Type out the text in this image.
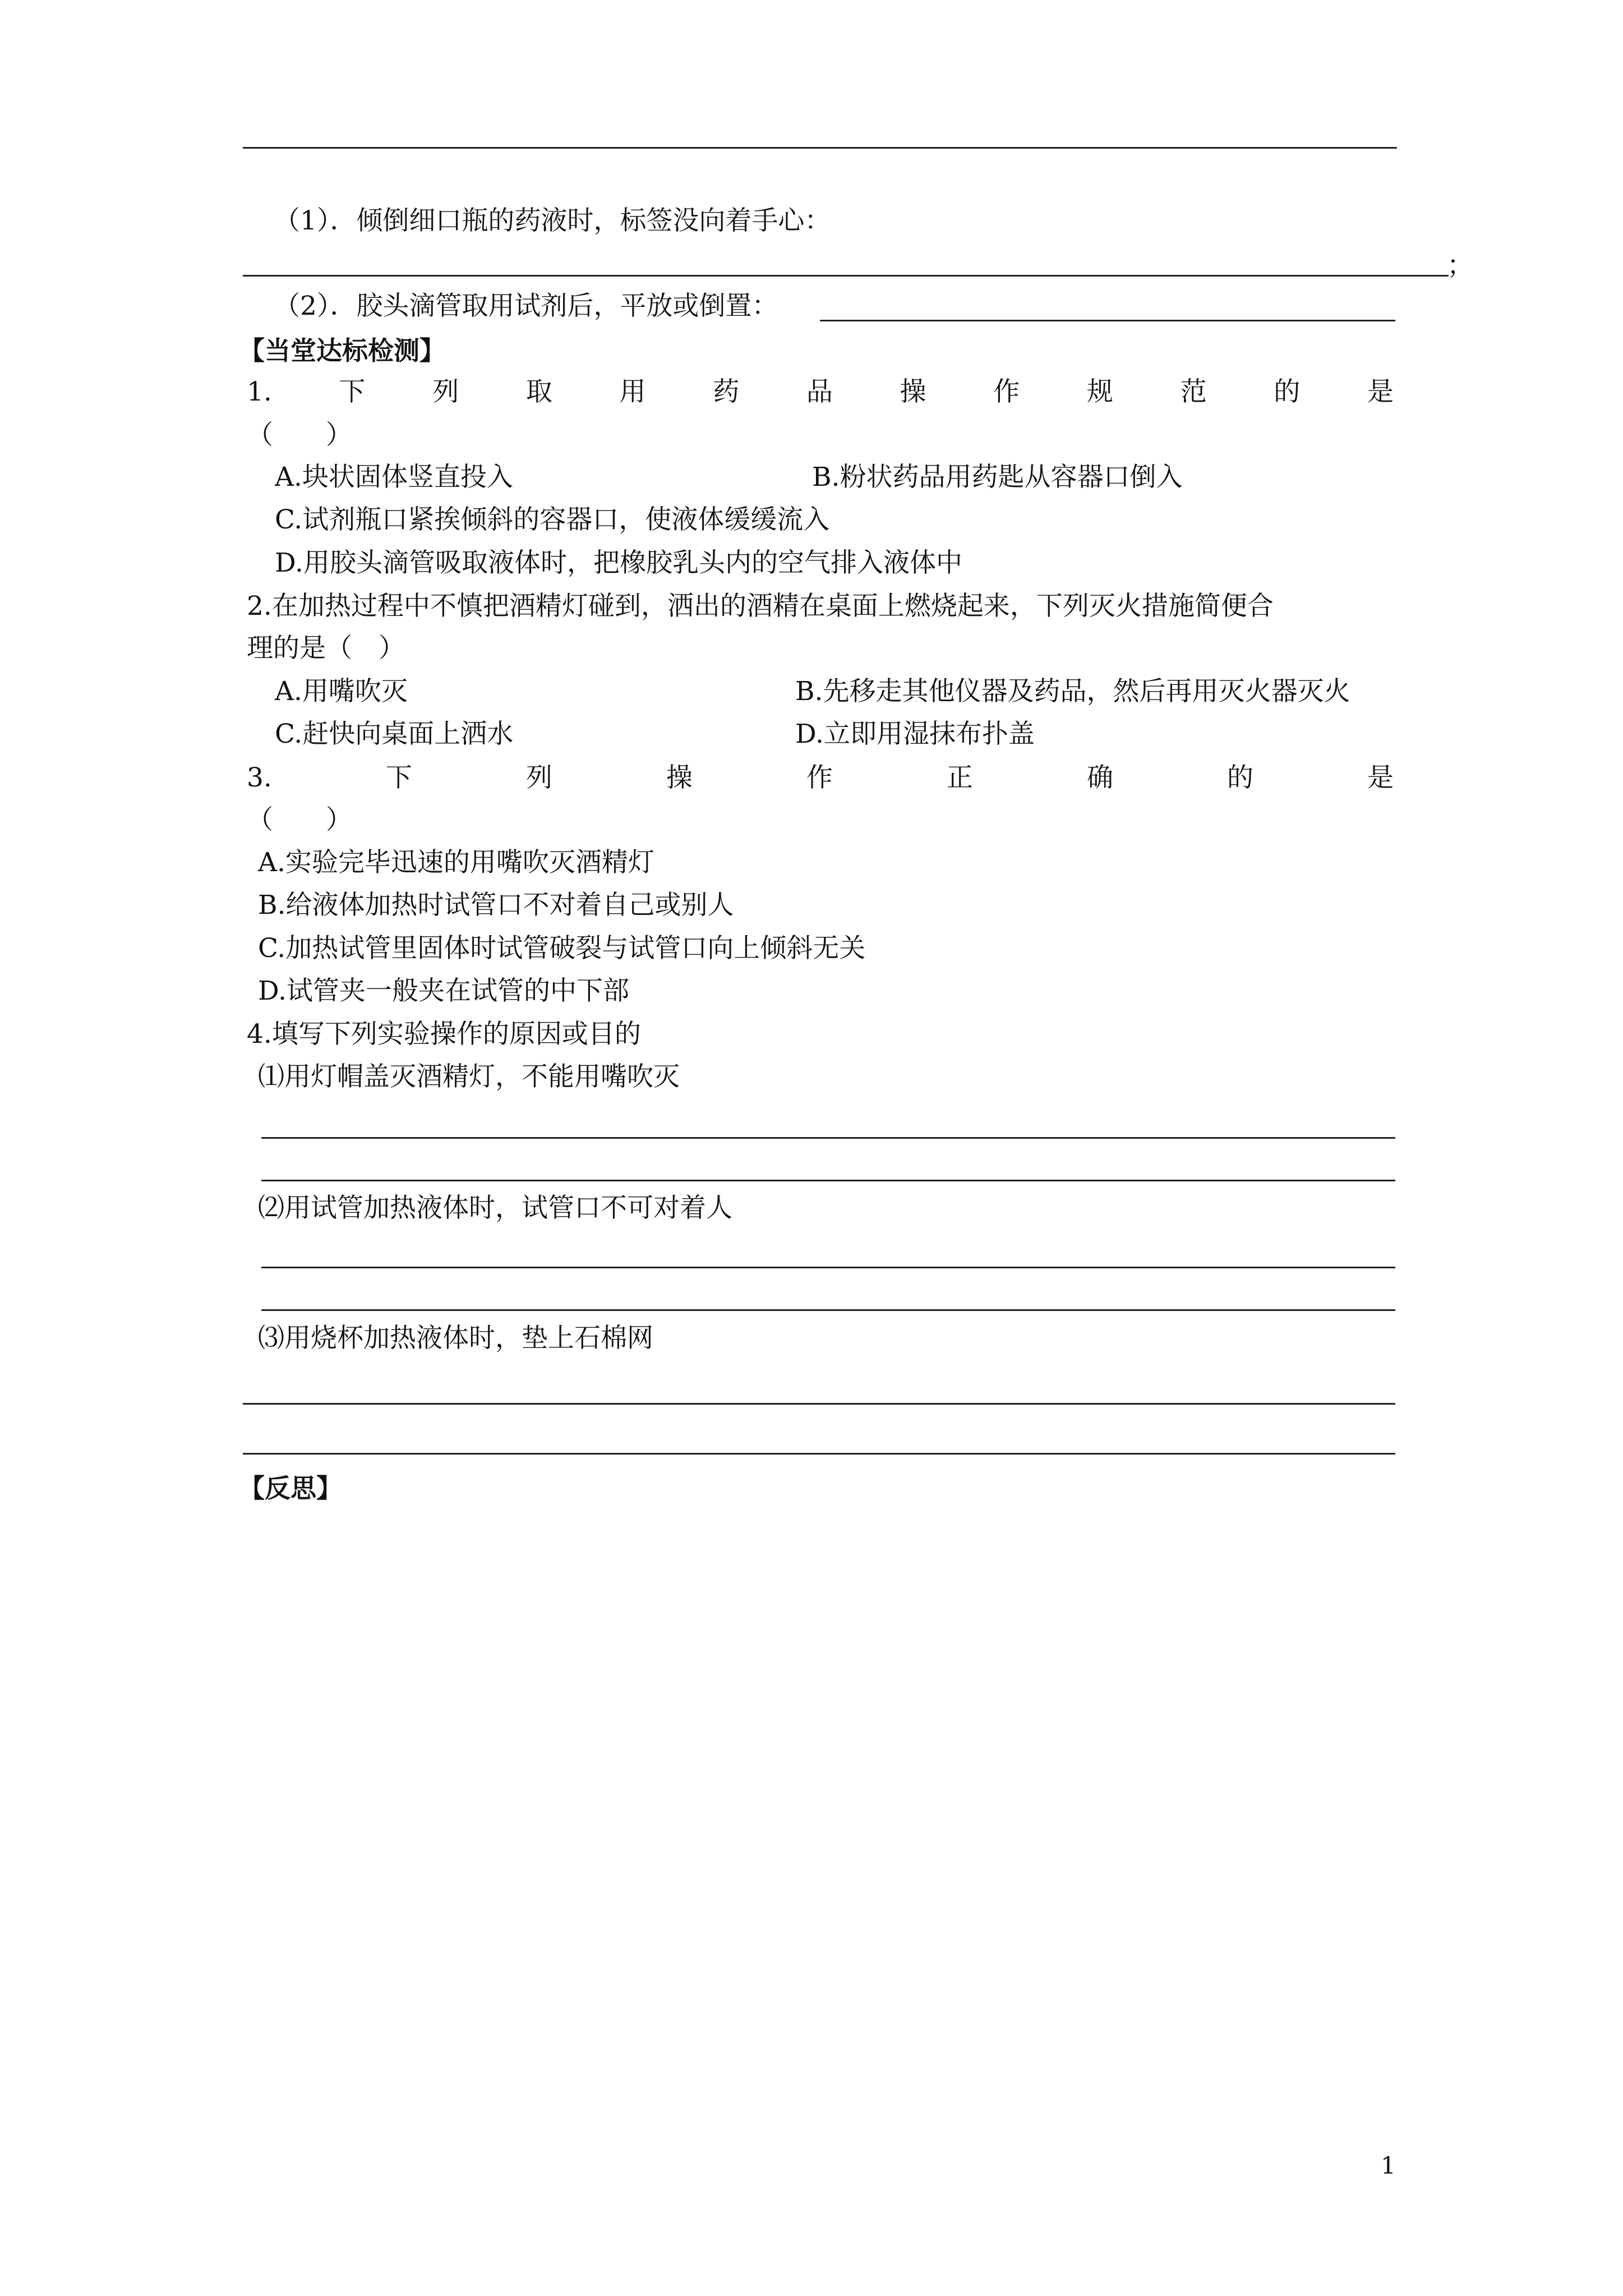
（1）．倾倒细口瓶的药液时，标签没向着手心：
；
（2）．胶头滴管取用试剂后，平放或倒置：
【当堂达标检测】
1.	下	列	取	用	药	品	操	作	规	范	的	是
（　　）
A.块状固体竖直投入	B.粉状药品用药匙从容器口倒入
C.试剂瓶口紧挨倾斜的容器口，使液体缓缓流入
D.用胶头滴管吸取液体时，把橡胶乳头内的空气排入液体中
2.在加热过程中不慎把酒精灯碰到，洒出的酒精在桌面上燃烧起来，下列灭火措施简便合
理的是（　）
A.用嘴吹灭	B.先移走其他仪器及药品，然后再用灭火器灭火
C.赶快向桌面上洒水	D.立即用湿抹布扑盖
3.	下	列	操	作	正	确	的	是
（　　）
A.实验完毕迅速的用嘴吹灭酒精灯
B.给液体加热时试管口不对着自己或别人
C.加热试管里固体时试管破裂与试管口向上倾斜无关
D.试管夹一般夹在试管的中下部
4.填写下列实验操作的原因或目的
⑴用灯帽盖灭酒精灯，不能用嘴吹灭
⑵用试管加热液体时，试管口不可对着人
⑶用烧杯加热液体时，垫上石棉网
【反思】
1
